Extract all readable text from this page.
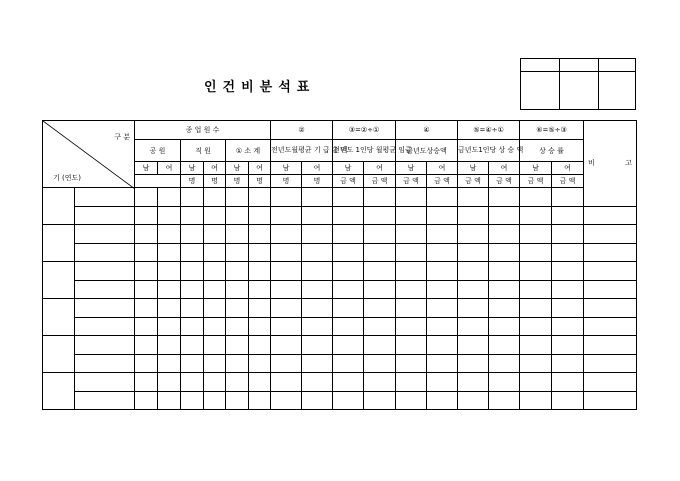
인건비분석표
구 분
기 (연도)		종 업 원 수						②		③=②÷①		④		⑤=④÷①		⑥=⑤÷③		비 고	

		공 원		직 원		① 소 계		전년도월평균 기 급 총 액		전년도 1인당 월평균 임금		금년도상승액		금년도1인당 상 승 액		상 승 률			
		남	여	남	여	남	여	남	여	남	여	남	여	남	여	남	여		
				명	명	명	명	명	명	금 액	금 액	금 액	금 액	금 액	금 액	금 액	금 액		
